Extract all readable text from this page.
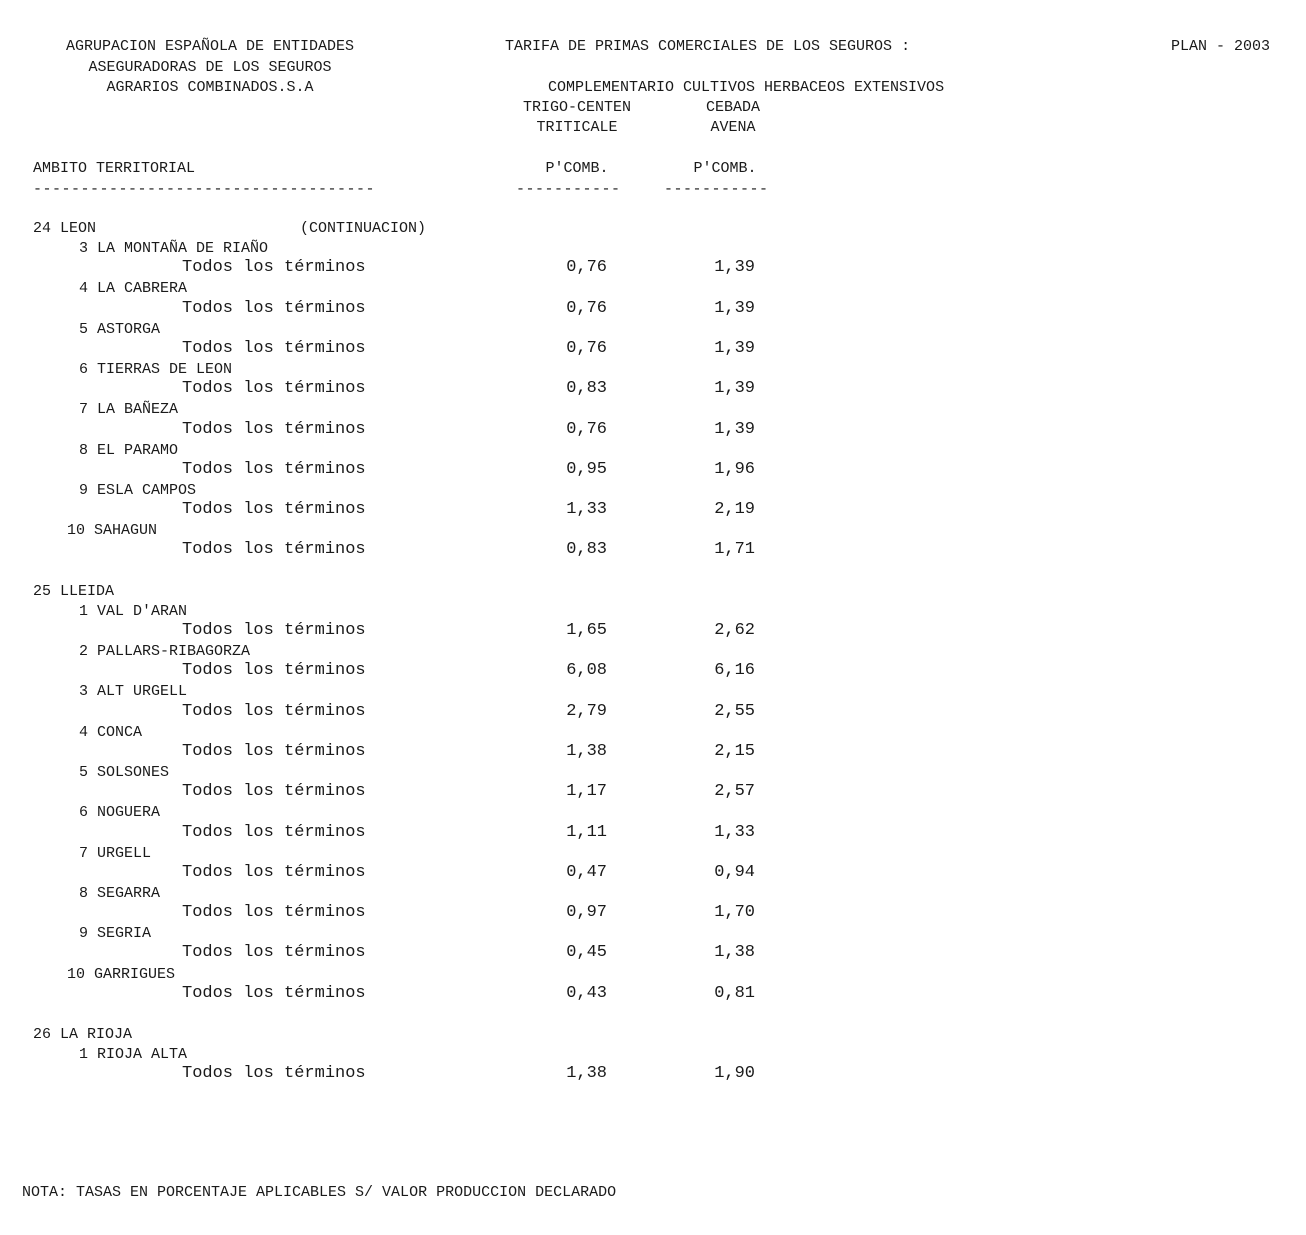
AGRUPACION ESPAÑOLA DE ENTIDADES
ASEGURADORAS DE LOS SEGUROS
AGRARIOS COMBINADOS.S.A
TARIFA DE PRIMAS COMERCIALES DE LOS SEGUROS :	PLAN - 2003
COMPLEMENTARIO CULTIVOS HERBACEOS EXTENSIVOS
TRIGO-CENTEN
TRITICALE
CEBADA
AVENA
AMBITO TERRITORIAL	P'COMB.	P'COMB.
------------------------------------	-----------	-----------
24 LEON	(CONTINUACION)
3 LA MONTAÑA DE RIAÑO
Todos los términos	0,76	1,39
4 LA CABRERA
Todos los términos	0,76	1,39
5 ASTORGA
Todos los términos	0,76	1,39
6 TIERRAS DE LEON
Todos los términos	0,83	1,39
7 LA BAÑEZA
Todos los términos	0,76	1,39
8 EL PARAMO
Todos los términos	0,95	1,96
9 ESLA CAMPOS
Todos los términos	1,33	2,19
10 SAHAGUN
Todos los términos	0,83	1,71
25 LLEIDA
1 VAL D'ARAN
Todos los términos	1,65	2,62
2 PALLARS-RIBAGORZA
Todos los términos	6,08	6,16
3 ALT URGELL
Todos los términos	2,79	2,55
4 CONCA
Todos los términos	1,38	2,15
5 SOLSONES
Todos los términos	1,17	2,57
6 NOGUERA
Todos los términos	1,11	1,33
7 URGELL
Todos los términos	0,47	0,94
8 SEGARRA
Todos los términos	0,97	1,70
9 SEGRIA
Todos los términos	0,45	1,38
10 GARRIGUES
Todos los términos	0,43	0,81
26 LA RIOJA
1 RIOJA ALTA
Todos los términos	1,38	1,90
NOTA: TASAS EN PORCENTAJE APLICABLES S/ VALOR PRODUCCION DECLARADO
